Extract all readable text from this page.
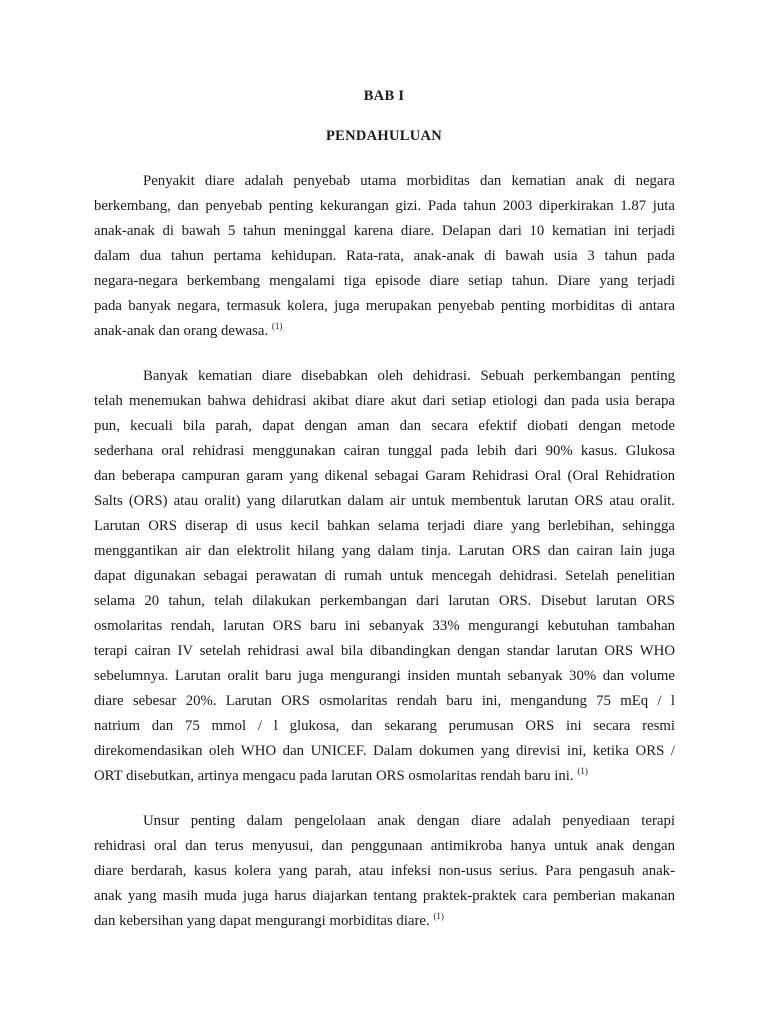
BAB I
PENDAHULUAN
Penyakit diare adalah penyebab utama morbiditas dan kematian anak di negara
berkembang, dan penyebab penting kekurangan gizi. Pada tahun 2003 diperkirakan 1.87 juta
anak-anak di bawah 5 tahun meninggal karena diare. Delapan dari 10 kematian ini terjadi
dalam dua tahun pertama kehidupan. Rata-rata, anak-anak di bawah usia 3 tahun pada
negara-negara berkembang mengalami tiga episode diare setiap tahun. Diare yang terjadi
pada banyak negara, termasuk kolera, juga merupakan penyebab penting morbiditas di antara
anak-anak dan orang dewasa. $^{(1)}$
Banyak kematian diare disebabkan oleh dehidrasi. Sebuah perkembangan penting
telah menemukan bahwa dehidrasi akibat diare akut dari setiap etiologi dan pada usia berapa
pun, kecuali bila parah, dapat dengan aman dan secara efektif diobati dengan metode
sederhana oral rehidrasi menggunakan cairan tunggal pada lebih dari 90% kasus. Glukosa
dan beberapa campuran garam yang dikenal sebagai Garam Rehidrasi Oral (Oral Rehidration
Salts (ORS) atau oralit) yang dilarutkan dalam air untuk membentuk larutan ORS atau oralit.
Larutan ORS diserap di usus kecil bahkan selama terjadi diare yang berlebihan, sehingga
menggantikan air dan elektrolit hilang yang dalam tinja. Larutan ORS dan cairan lain juga
dapat digunakan sebagai perawatan di rumah untuk mencegah dehidrasi. Setelah penelitian
selama 20 tahun, telah dilakukan perkembangan dari larutan ORS. Disebut larutan ORS
osmolaritas rendah, larutan ORS baru ini sebanyak 33% mengurangi kebutuhan tambahan
terapi cairan IV setelah rehidrasi awal bila dibandingkan dengan standar larutan ORS WHO
sebelumnya. Larutan oralit baru juga mengurangi insiden muntah sebanyak 30% dan volume
diare sebesar 20%. Larutan ORS osmolaritas rendah baru ini, mengandung 75 mEq / l
natrium dan 75 mmol / l glukosa, dan sekarang perumusan ORS ini secara resmi
direkomendasikan oleh WHO dan UNICEF. Dalam dokumen yang direvisi ini, ketika ORS /
ORT disebutkan, artinya mengacu pada larutan ORS osmolaritas rendah baru ini. $^{(1)}$
Unsur penting dalam pengelolaan anak dengan diare adalah penyediaan terapi
rehidrasi oral dan terus menyusui, dan penggunaan antimikroba hanya untuk anak dengan
diare berdarah, kasus kolera yang parah, atau infeksi non-usus serius. Para pengasuh anak-
anak yang masih muda juga harus diajarkan tentang praktek-praktek cara pemberian makanan
dan kebersihan yang dapat mengurangi morbiditas diare. $^{(1)}$
